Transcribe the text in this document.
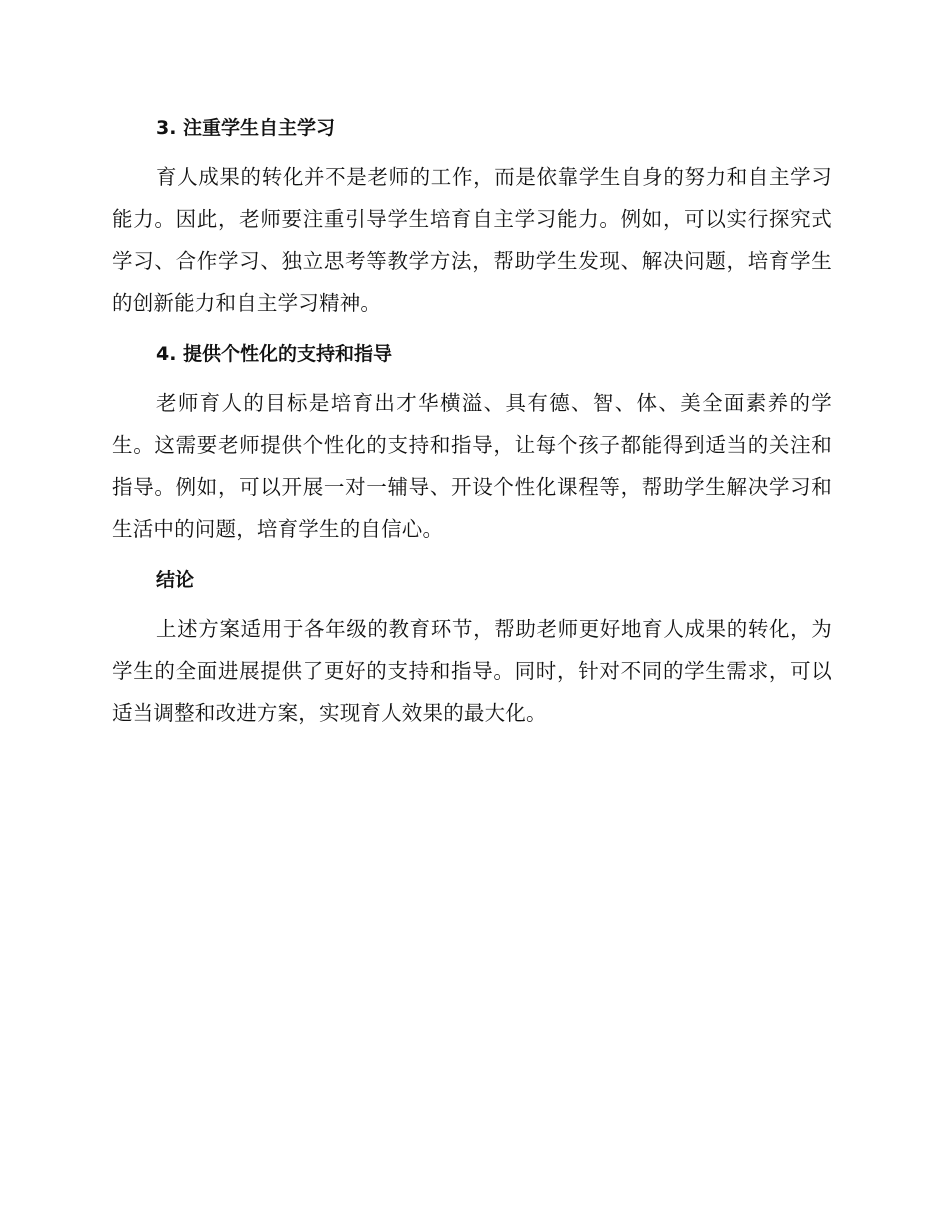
3. 注重学生自主学习

育人成果的转化并不是老师的工作，而是依靠学生自身的努力和自主学习能力。因此，老师要注重引导学生培育自主学习能力。例如，可以实行探究式学习、合作学习、独立思考等教学方法，帮助学生发现、解决问题，培育学生的创新能力和自主学习精神。

4. 提供个性化的支持和指导

老师育人的目标是培育出才华横溢、具有德、智、体、美全面素养的学生。这需要老师提供个性化的支持和指导，让每个孩子都能得到适当的关注和指导。例如，可以开展一对一辅导、开设个性化课程等，帮助学生解决学习和生活中的问题，培育学生的自信心。

结论

上述方案适用于各年级的教育环节，帮助老师更好地育人成果的转化，为学生的全面进展提供了更好的支持和指导。同时，针对不同的学生需求，可以适当调整和改进方案，实现育人效果的最大化。
